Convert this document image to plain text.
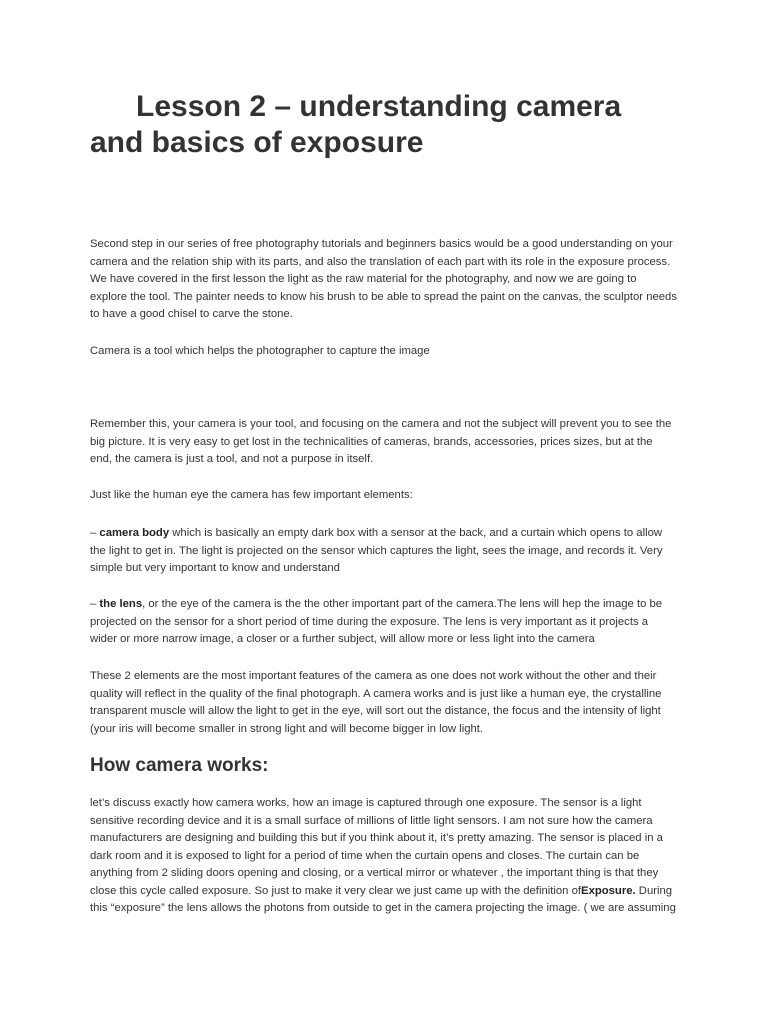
Lesson 2 – understanding camera
and basics of exposure

Second step in our series of free photography tutorials and beginners basics would be a good understanding on your
camera and the relation ship with its parts, and also the translation of each part with its role in the exposure process.
We have covered in the first lesson the light as the raw material for the photography, and now we are going to
explore the tool. The painter needs to know his brush to be able to spread the paint on the canvas, the sculptor needs
to have a good chisel to carve the stone.

Camera is a tool which helps the photographer to capture the image

Remember this, your camera is your tool, and focusing on the camera and not the subject will prevent you to see the
big picture. It is very easy to get lost in the technicalities of cameras, brands, accessories, prices sizes, but at the
end, the camera is just a tool, and not a purpose in itself.

Just like the human eye the camera has few important elements:

– camera body which is basically an empty dark box with a sensor at the back, and a curtain which opens to allow
the light to get in. The light is projected on the sensor which captures the light, sees the image, and records it. Very
simple but very important to know and understand

– the lens, or the eye of the camera is the the other important part of the camera.The lens will hep the image to be
projected on the sensor for a short period of time during the exposure. The lens is very important as it projects a
wider or more narrow image, a closer or a further subject, will allow more or less light into the camera

These 2 elements are the most important features of the camera as one does not work without the other and their
quality will reflect in the quality of the final photograph. A camera works and is just like a human eye, the crystalline
transparent muscle will allow the light to get in the eye, will sort out the distance, the focus and the intensity of light
(your iris will become smaller in strong light and will become bigger in low light.

How camera works:

let’s discuss exactly how camera works, how an image is captured through one exposure. The sensor is a light
sensitive recording device and it is a small surface of millions of little light sensors. I am not sure how the camera
manufacturers are designing and building this but if you think about it, it’s pretty amazing. The sensor is placed in a
dark room and it is exposed to light for a period of time when the curtain opens and closes. The curtain can be
anything from 2 sliding doors opening and closing, or a vertical mirror or whatever , the important thing is that they
close this cycle called exposure. So just to make it very clear we just came up with the definition ofExposure. During
this “exposure” the lens allows the photons from outside to get in the camera projecting the image. ( we are assuming
